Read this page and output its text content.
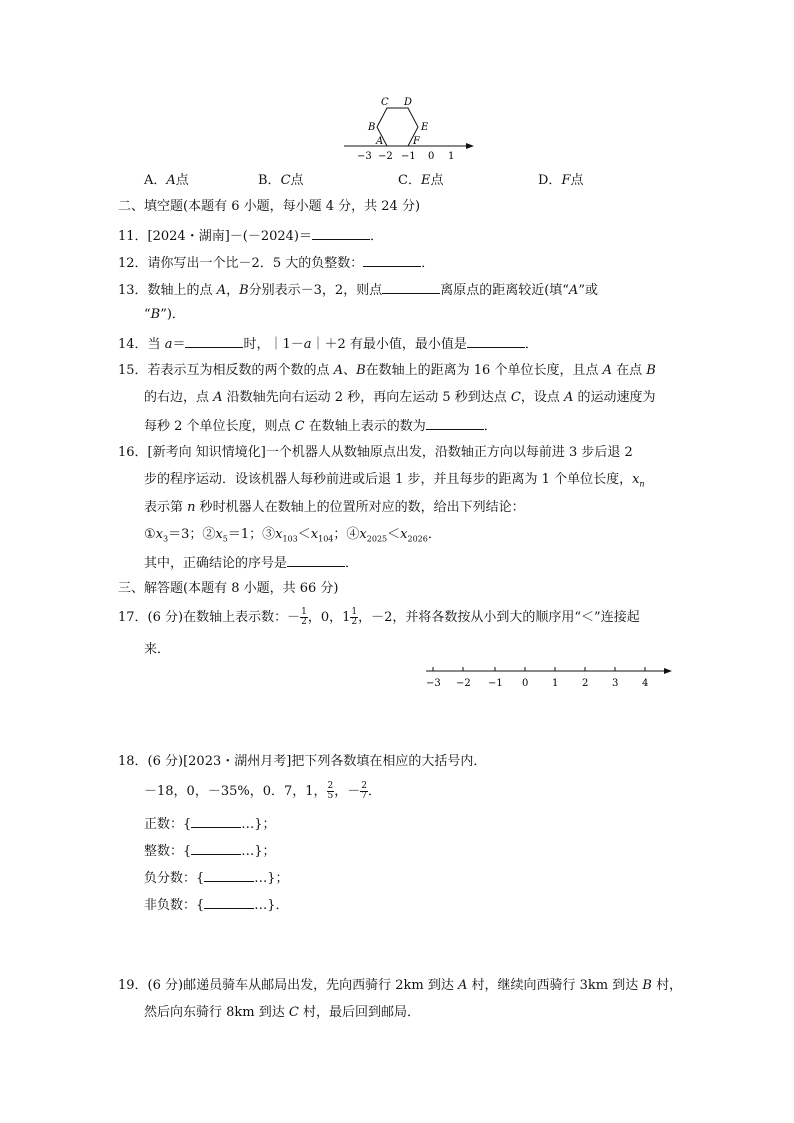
C D
B	E
A	F
−3 −2 −1 0 1
A．A点	B．C点	C．E点	D．F点
二、填空题(本题有 6 小题，每小题 4 分，共 24 分)
11．[2024・湖南]－(－2024)＝	．
12．请你写出一个比－2．5 大的负整数：	．
13．数轴上的点 A，B分别表示－3，2，则点	离原点的距离较近(填“A”或
“B”)．
14．当 a＝	时，｜1－a｜＋2 有最小值，最小值是	．
15．若表示互为相反数的两个数的点 A、B在数轴上的距离为 16 个单位长度，且点 A 在点 B
的右边，点 A 沿数轴先向右运动 2 秒，再向左运动 5 秒到达点 C，设点 A 的运动速度为
每秒 2 个单位长度，则点 C 在数轴上表示的数为	．
16．[新考向 知识情境化]一个机器人从数轴原点出发，沿数轴正方向以每前进 3 步后退 2
步的程序运动．设该机器人每秒前进或后退 1 步，并且每步的距离为 1 个单位长度，$x_n$
表示第 n 秒时机器人在数轴上的位置所对应的数，给出下列结论：
$①x_3=3$；$②x_5=1$；$③x_{103}<x_{104}$；$④x_{2025}<x_{2026}$．
其中，正确结论的序号是	．
三、解答题(本题有 8 小题，共 66 分)
17．(6 分)在数轴上表示数：－ $\frac{1}{2}$ ，0，$1 \frac{1}{2}$ ，－2，并将各数按从小到大的顺序用“＜”连接起
来．
−3 −2 −1 0 1 2 3 4
18．(6 分)[2023・湖州月考]把下列各数填在相应的大括号内．
－18，0，－35%，0．7，1， $\frac{2}{5}$ ，－ $\frac{2}{7}$ ．
正数：{	…}；
整数：{	…}；
负分数：{	…}；
非负数：{	…}．
19．(6 分)邮递员骑车从邮局出发，先向西骑行 2km 到达 A 村，继续向西骑行 3km 到达 B 村，
然后向东骑行 8km 到达 C 村，最后回到邮局．
